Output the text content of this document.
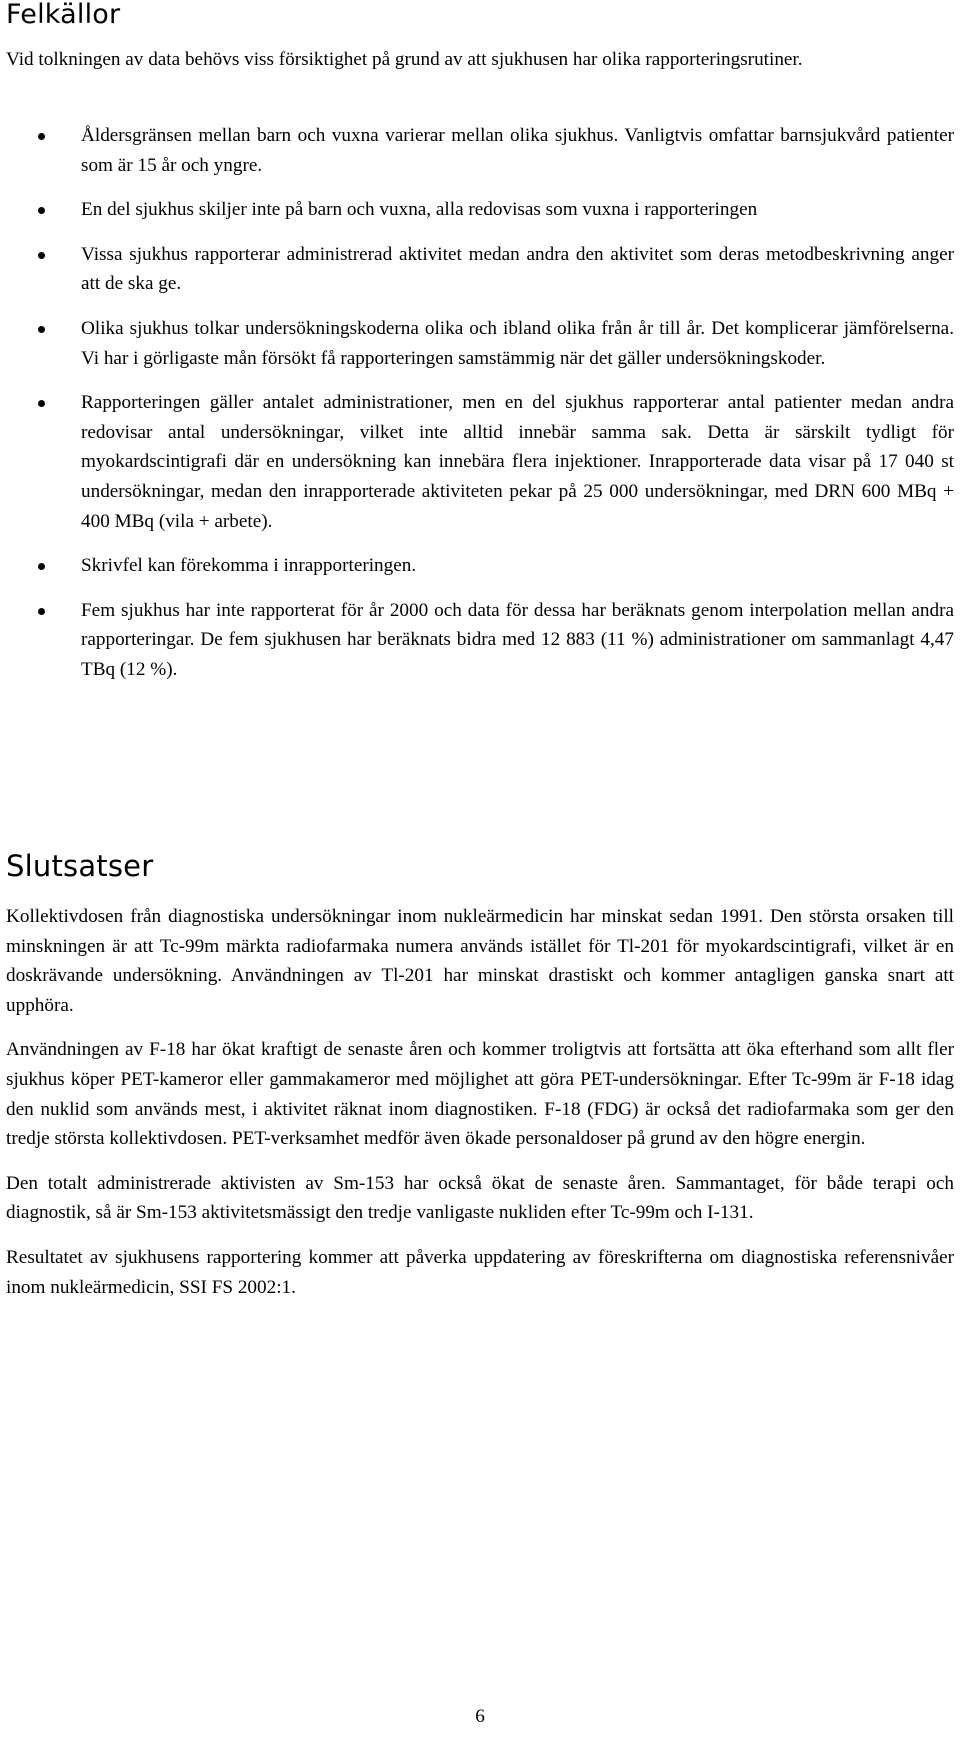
Felkällor

Vid tolkningen av data behövs viss försiktighet på grund av att sjukhusen har olika rapporteringsrutiner.

Åldersgränsen mellan barn och vuxna varierar mellan olika sjukhus. Vanligtvis omfattar barnsjukvård patienter som är 15 år och yngre.
En del sjukhus skiljer inte på barn och vuxna, alla redovisas som vuxna i rapporteringen
Vissa sjukhus rapporterar administrerad aktivitet medan andra den aktivitet som deras metodbeskrivning anger att de ska ge.
Olika sjukhus tolkar undersökningskoderna olika och ibland olika från år till år. Det komplicerar jämförelserna. Vi har i görligaste mån försökt få rapporteringen samstämmig när det gäller undersökningskoder.
Rapporteringen gäller antalet administrationer, men en del sjukhus rapporterar antal patienter medan andra redovisar antal undersökningar, vilket inte alltid innebär samma sak. Detta är särskilt tydligt för myokardscintigrafi där en undersökning kan innebära flera injektioner. Inrapporterade data visar på 17 040 st undersökningar, medan den inrapporterade aktiviteten pekar på 25 000 undersökningar, med DRN 600 MBq + 400 MBq (vila + arbete).
Skrivfel kan förekomma i inrapporteringen.
Fem sjukhus har inte rapporterat för år 2000 och data för dessa har beräknats genom interpolation mellan andra rapporteringar. De fem sjukhusen har beräknats bidra med 12 883 (11 %) administrationer om sammanlagt 4,47 TBq (12 %).
Slutsatser

Kollektivdosen från diagnostiska undersökningar inom nukleärmedicin har minskat sedan 1991. Den största orsaken till minskningen är att Tc-99m märkta radiofarmaka numera används istället för Tl-201 för myokardscintigrafi, vilket är en doskrävande undersökning. Användningen av Tl-201 har minskat drastiskt och kommer antagligen ganska snart att upphöra.

Användningen av F-18 har ökat kraftigt de senaste åren och kommer troligtvis att fortsätta att öka efterhand som allt fler sjukhus köper PET-kameror eller gammakameror med möjlighet att göra PET-undersökningar. Efter Tc-99m är F-18 idag den nuklid som används mest, i aktivitet räknat inom diagnostiken. F-18 (FDG) är också det radiofarmaka som ger den tredje största kollektivdosen. PET-verksamhet medför även ökade personaldoser på grund av den högre energin.

Den totalt administrerade aktivisten av Sm-153 har också ökat de senaste åren. Sammantaget, för både terapi och diagnostik, så är Sm-153 aktivitetsmässigt den tredje vanligaste nukliden efter Tc-99m och I-131.

Resultatet av sjukhusens rapportering kommer att påverka uppdatering av föreskrifterna om diagnostiska referensnivåer inom nukleärmedicin, SSI FS 2002:1.

6
